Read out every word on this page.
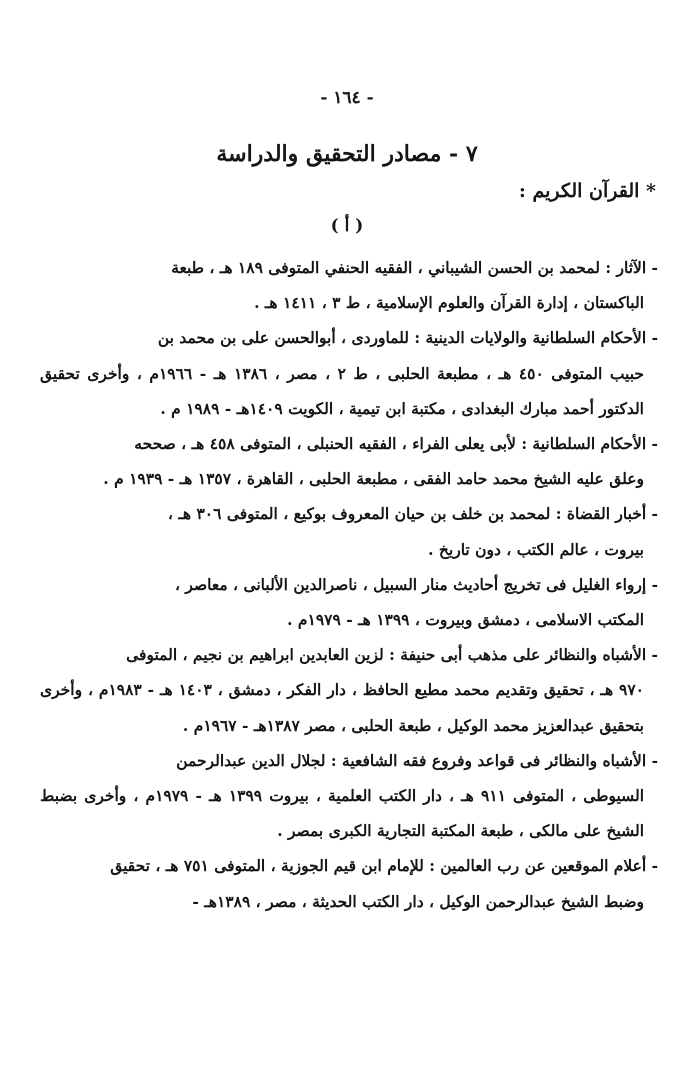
- ١٦٤ -
٧ - مصادر التحقيق والدراسة
* القرآن الكريم :
( أ )
- الآثار : لمحمد بن الحسن الشيباني ، الفقيه الحنفي المتوفى ١٨٩ هـ ، طبعة
الباكستان ، إدارة القرآن والعلوم الإسلامية ، ط ٣ ، ١٤١١ هـ .
- الأحكام السلطانية والولايات الدينية : للماوردى ، أبوالحسن على بن محمد بن
حبيب المتوفى ٤٥٠ هـ ، مطبعة الحلبى ، ط ٢ ، مصر ، ١٣٨٦ هـ - ١٩٦٦م ، وأخرى تحقيق الدكتور أحمد مبارك البغدادى ، مكتبة ابن تيمية ، الكويت ١٤٠٩هـ - ١٩٨٩ م .
- الأحكام السلطانية : لأبى يعلى الفراء ، الفقيه الحنبلى ، المتوفى ٤٥٨ هـ ، صححه
وعلق عليه الشيخ محمد حامد الفقى ، مطبعة الحلبى ، القاهرة ، ١٣٥٧ هـ - ١٩٣٩ م .
- أخبار القضاة : لمحمد بن خلف بن حيان المعروف بوكيع ، المتوفى ٣٠٦ هـ ،
بيروت ، عالم الكتب ، دون تاريخ .
- إرواء الغليل فى تخريج أحاديث منار السبيل ، ناصرالدين الألبانى ، معاصر ،
المكتب الاسلامى ، دمشق وبيروت ، ١٣٩٩ هـ - ١٩٧٩م .
- الأشباه والنظائر على مذهب أبى حنيفة : لزين العابدين ابراهيم بن نجيم ، المتوفى
٩٧٠ هـ ، تحقيق وتقديم محمد مطيع الحافظ ، دار الفكر ، دمشق ، ١٤٠٣ هـ - ١٩٨٣م ، وأخرى بتحقيق عبدالعزيز محمد الوكيل ، طبعة الحلبى ، مصر ١٣٨٧هـ - ١٩٦٧م .
- الأشباه والنظائر فى قواعد وفروع فقه الشافعية : لجلال الدين عبدالرحمن
السيوطى ، المتوفى ٩١١ هـ ، دار الكتب العلمية ، بيروت ١٣٩٩ هـ - ١٩٧٩م ، وأخرى بضبط الشيخ على مالكى ، طبعة المكتبة التجارية الكبرى بمصر .
- أعلام الموقعين عن رب العالمين : للإمام ابن قيم الجوزية ، المتوفى ٧٥١ هـ ، تحقيق
وضبط الشيخ عبدالرحمن الوكيل ، دار الكتب الحديثة ، مصر ، ١٣٨٩هـ -
